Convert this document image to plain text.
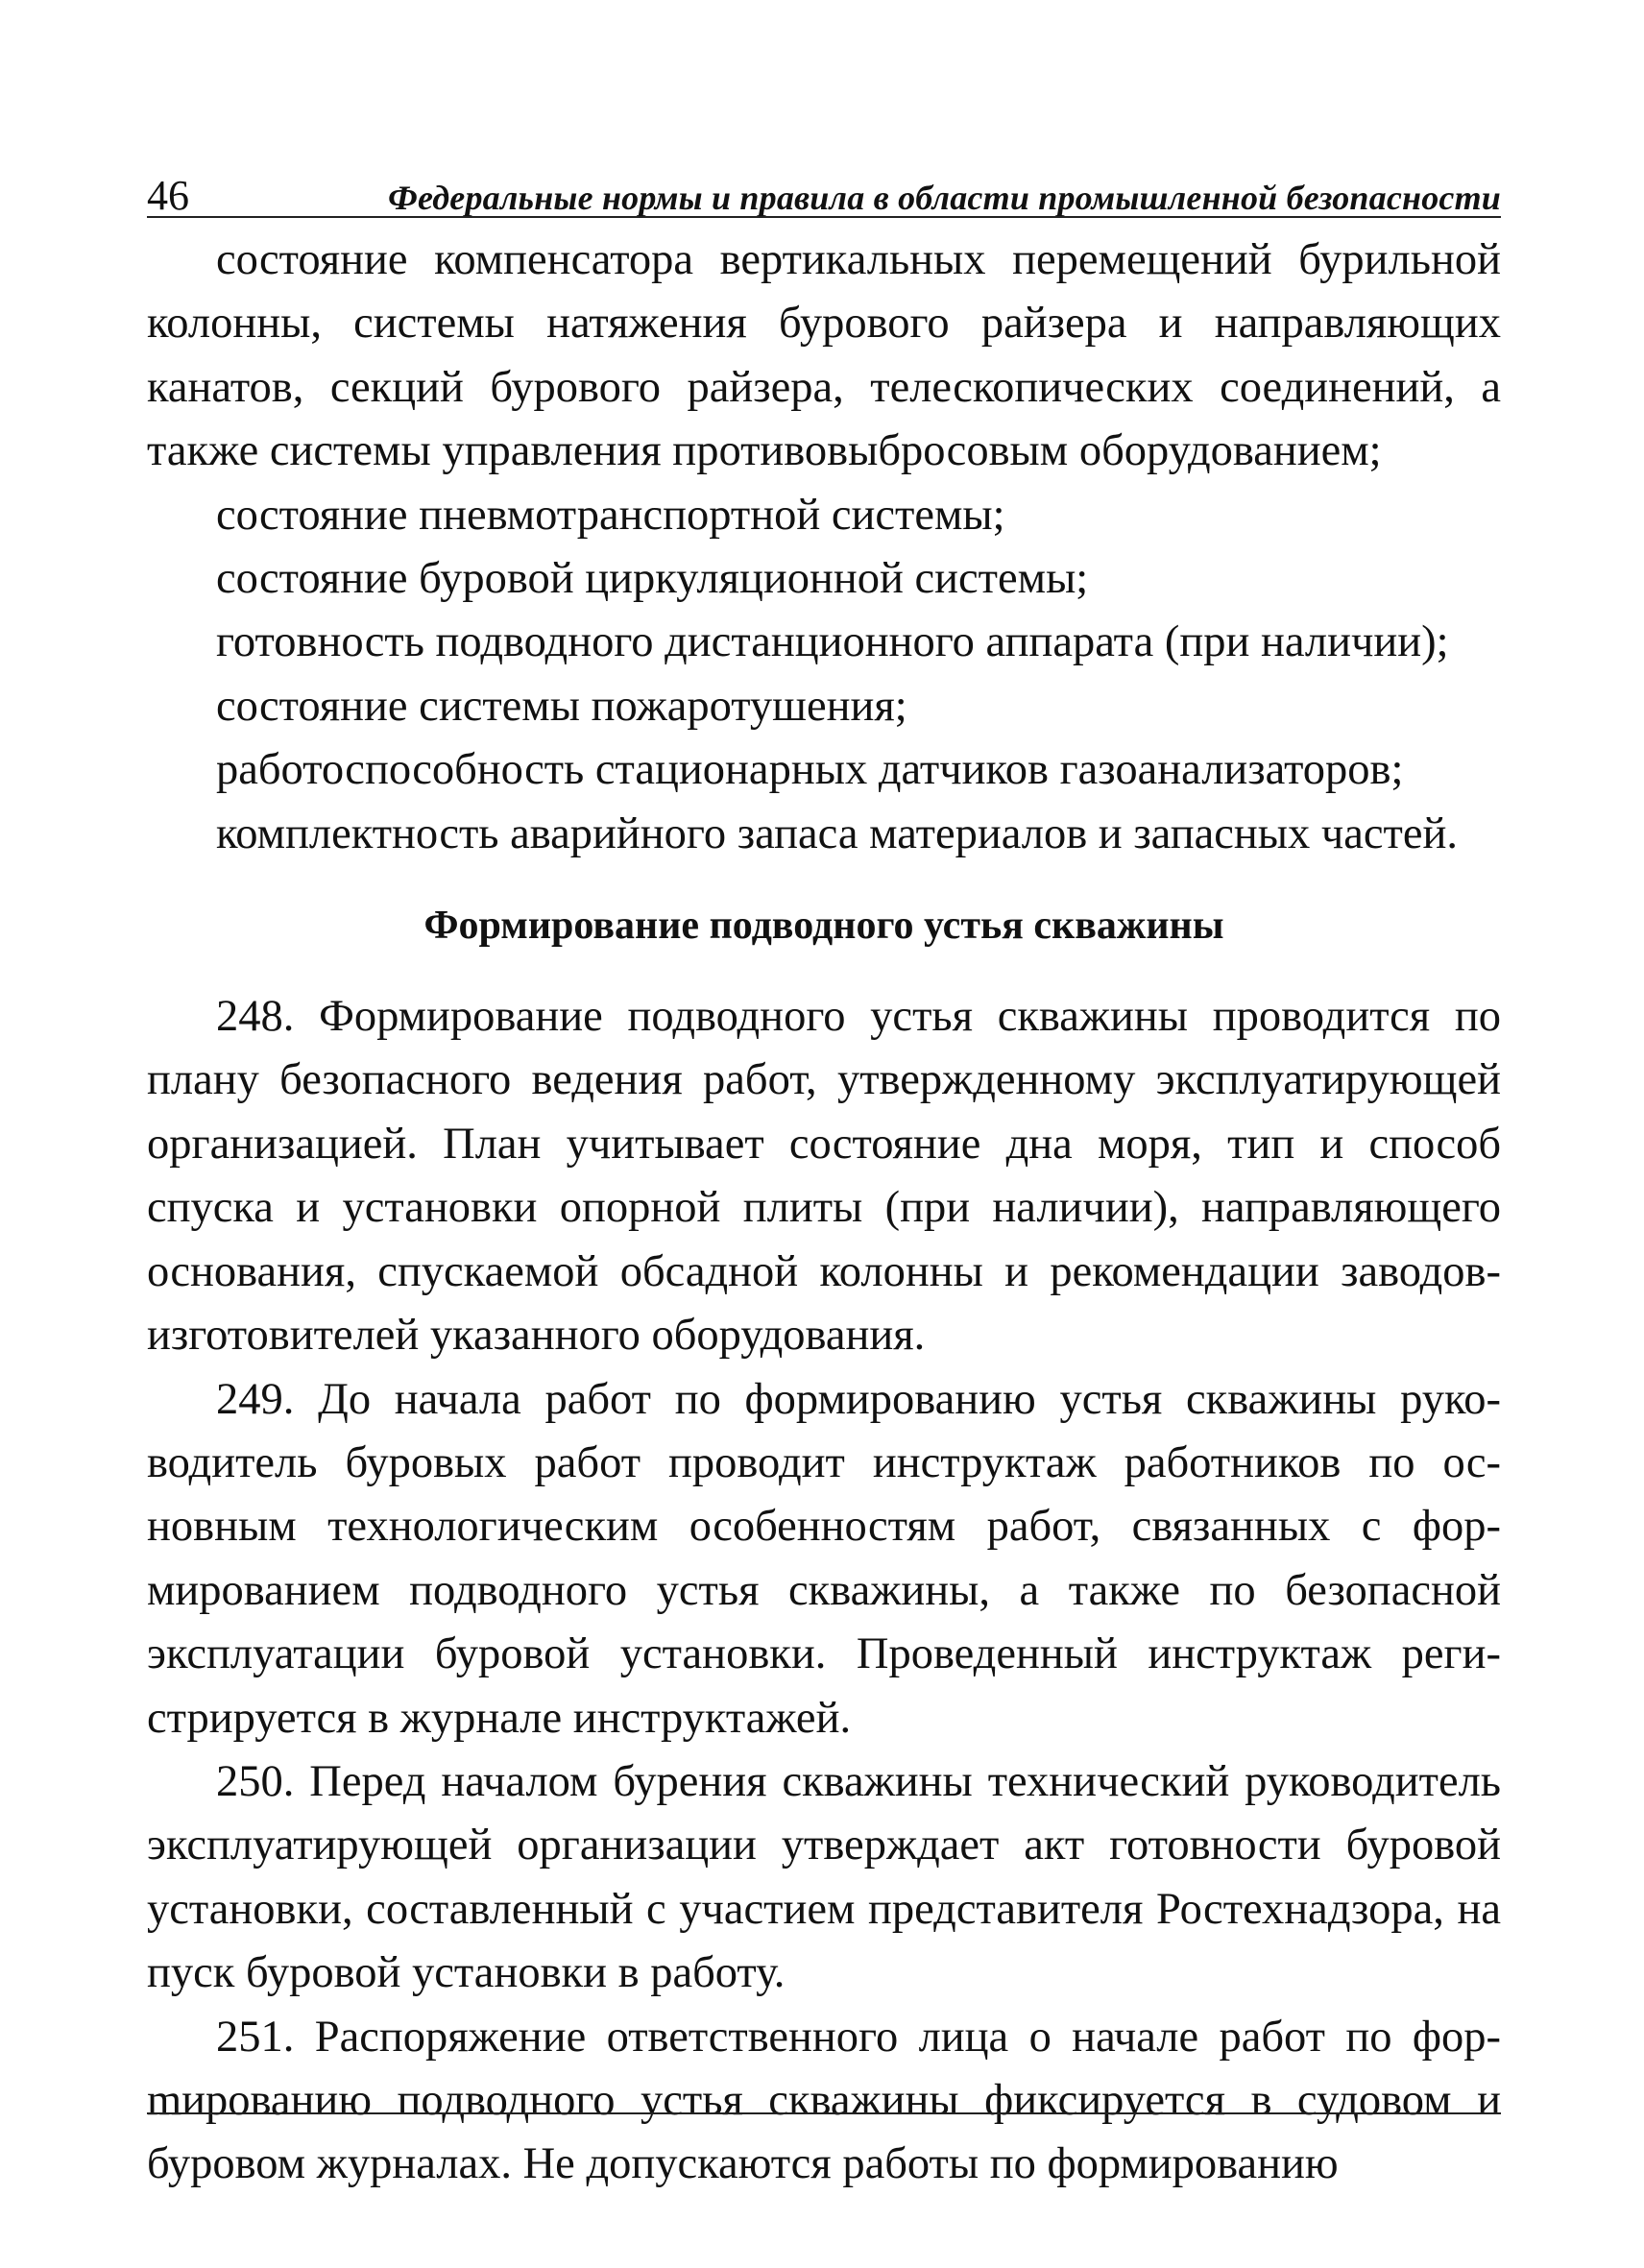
46	Федеральные нормы и правила в области промышленной безопасности

состояние компенсатора вертикальных перемещений бурильной колонны, системы натяжения бурового райзера и направляющих канатов, секций бурового райзера, телескопических соединений, а также системы управления противовыбросовым оборудованием;

состояние пневмотранспортной системы;

состояние буровой циркуляционной системы;

готовность подводного дистанционного аппарата (при наличии);

состояние системы пожаротушения;

работоспособность стационарных датчиков газоанализаторов;

комплектность аварийного запаса материалов и запасных частей.

Формирование подводного устья скважины

248. Формирование подводного устья скважины проводится по плану безопасного ведения работ, утвержденному эксплуатирующей организацией. План учитывает состояние дна моря, тип и способ спуска и установки опорной плиты (при наличии), направляющего основания, спускаемой обсадной колонны и рекомендации заводов-изготовителей указанного оборудования.

249. До начала работ по формированию устья скважины руководитель буровых работ проводит инструктаж работников по основным технологическим особенностям работ, связанных с формированием подводного устья скважины, а также по безопасной эксплуатации буровой установки. Проведенный инструктаж регистрируется в журнале инструктажей.

250. Перед началом бурения скважины технический руководитель эксплуатирующей организации утверждает акт готовности буровой установки, составленный с участием представителя Ростехнадзора, на пуск буровой установки в работу.

251. Распоряжение ответственного лица о начале работ по форmированию подводного устья скважины фиксируется в судовом и буровом журналах. Не допускаются работы по формированию
